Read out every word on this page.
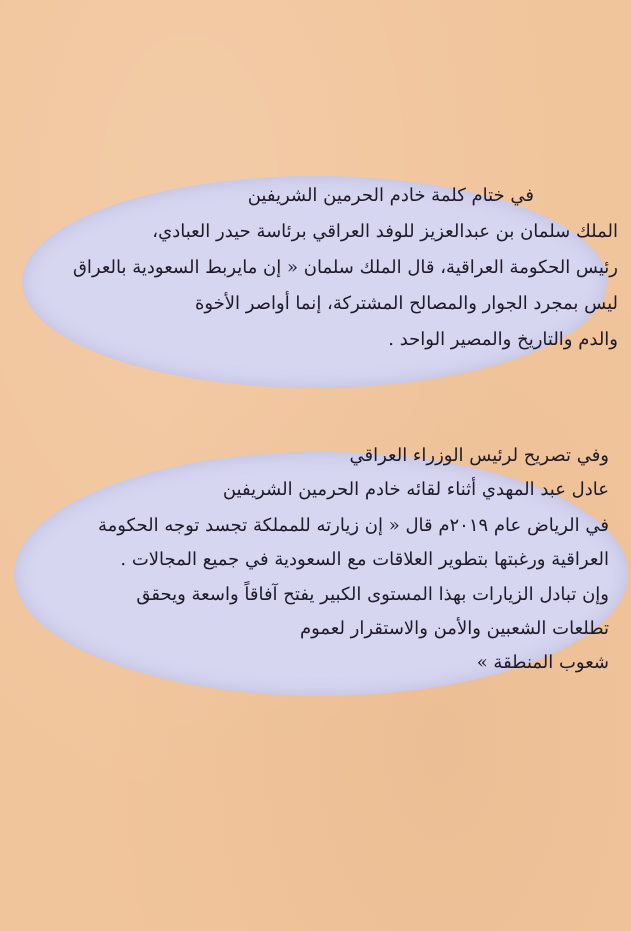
في ختام كلمة خادم الحرمين الشريفين
الملك سلمان بن عبدالعزيز للوفد العراقي برئاسة حيدر العبادي،
رئيس الحكومة العراقية، قال الملك سلمان « إن مايربط السعودية بالعراق
ليس بمجرد الجوار والمصالح المشتركة، إنما أواصر الأخوة
والدم والتاريخ والمصير الواحد .
وفي تصريح لرئيس الوزراء العراقي
عادل عبد المهدي أثناء لقائه خادم الحرمين الشريفين
في الرياض عام ٢٠١٩م قال « إن زيارته للمملكة تجسد توجه الحكومة
العراقية ورغبتها بتطوير العلاقات مع السعودية في جميع المجالات .
وإن تبادل الزيارات بهذا المستوى الكبير يفتح آفاقاً واسعة ويحقق
تطلعات الشعبين والأمن والاستقرار لعموم
شعوب المنطقة »
